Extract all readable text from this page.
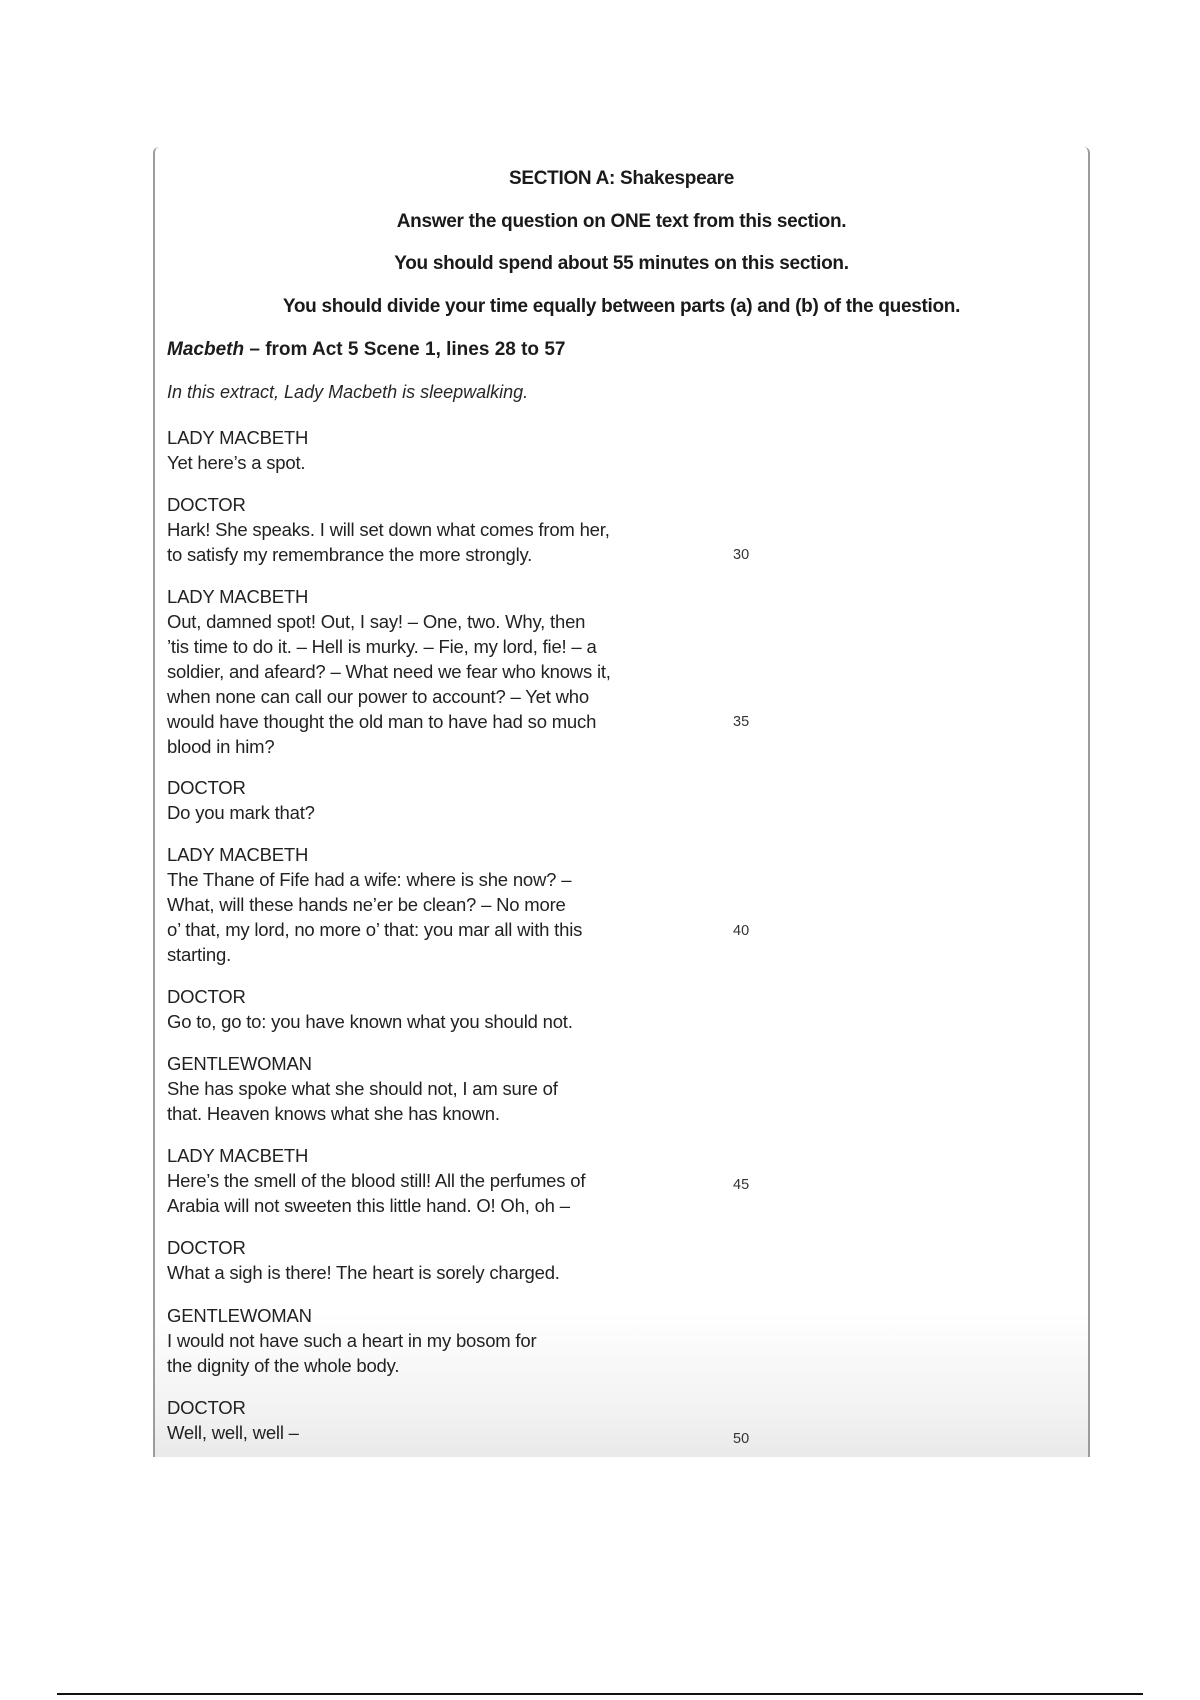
SECTION A: Shakespeare
Answer the question on ONE text from this section.
You should spend about 55 minutes on this section.
You should divide your time equally between parts (a) and (b) of the question.
Macbeth – from Act 5 Scene 1, lines 28 to 57
In this extract, Lady Macbeth is sleepwalking.
LADY MACBETH
Yet here’s a spot.
DOCTOR
Hark! She speaks. I will set down what comes from her,
to satisfy my remembrance the more strongly.	30
LADY MACBETH
Out, damned spot! Out, I say! – One, two. Why, then
’tis time to do it. – Hell is murky. – Fie, my lord, fie! – a
soldier, and afeard? – What need we fear who knows it,
when none can call our power to account? – Yet who
would have thought the old man to have had so much
blood in him?
35
DOCTOR
Do you mark that?
LADY MACBETH
The Thane of Fife had a wife: where is she now? –
What, will these hands ne’er be clean? – No more
o’ that, my lord, no more o’ that: you mar all with this
starting.
40
DOCTOR
Go to, go to: you have known what you should not.
GENTLEWOMAN
She has spoke what she should not, I am sure of
that. Heaven knows what she has known.
LADY MACBETH
Here’s the smell of the blood still! All the perfumes of
Arabia will not sweeten this little hand. O! Oh, oh –
45
DOCTOR
What a sigh is there! The heart is sorely charged.
GENTLEWOMAN
I would not have such a heart in my bosom for
the dignity of the whole body.
DOCTOR
Well, well, well –	50
